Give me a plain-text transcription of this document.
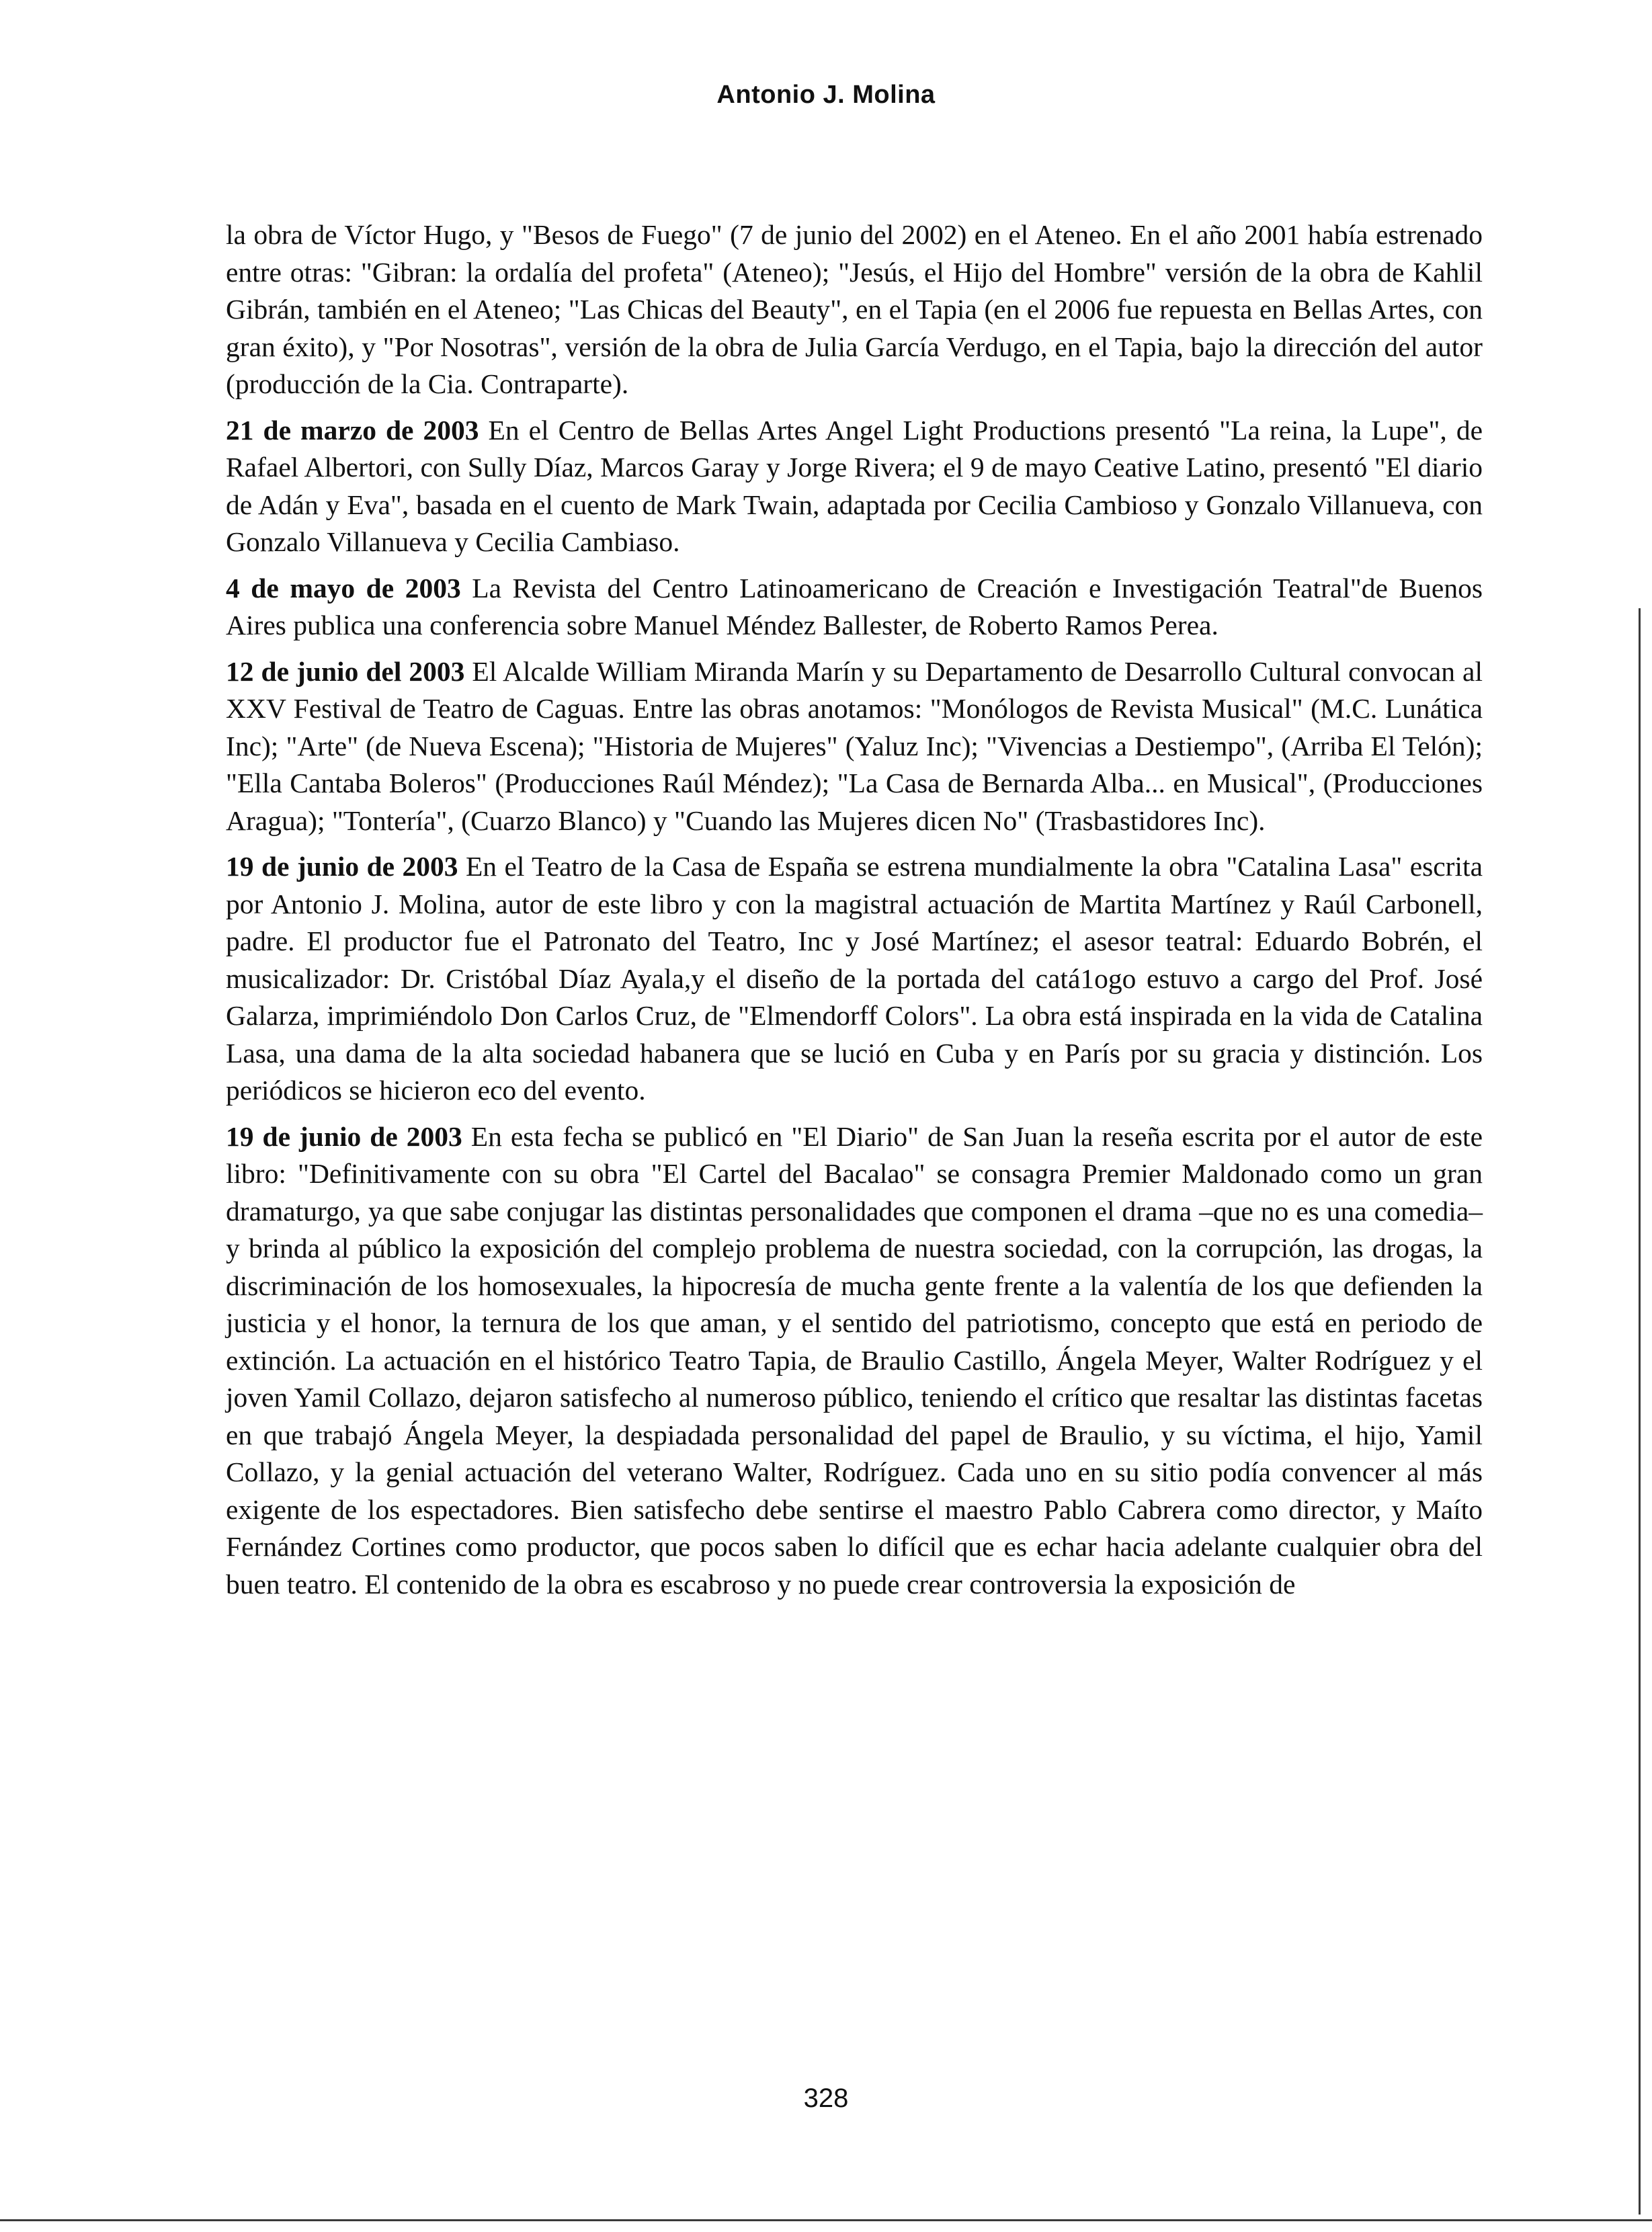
Antonio J. Molina

la obra de Víctor Hugo, y "Besos de Fuego" (7 de junio del 2002) en el Ateneo. En el año 2001 había estrenado entre otras: "Gibran: la ordalía del profeta" (Ateneo); "Jesús, el Hijo del Hombre" versión de la obra de Kahlil Gibrán, también en el Ateneo; "Las Chicas del Beauty", en el Tapia (en el 2006 fue repuesta en Bellas Artes, con gran éxito), y "Por Nosotras", versión de la obra de Julia García Verdugo, en el Tapia, bajo la dirección del autor (producción de la Cia. Contraparte).

21 de marzo de 2003 En el Centro de Bellas Artes Angel Light Productions presentó "La reina, la Lupe", de Rafael Albertori, con Sully Díaz, Marcos Garay y Jorge Rivera; el 9 de mayo Ceative Latino, presentó "El diario de Adán y Eva", basada en el cuento de Mark Twain, adaptada por Cecilia Cambioso y Gonzalo Villanueva, con Gonzalo Villanueva y Cecilia Cambiaso.

4 de mayo de 2003 La Revista del Centro Latinoamericano de Creación e Investigación Teatral"de Buenos Aires publica una conferencia sobre Manuel Méndez Ballester, de Roberto Ramos Perea.

12 de junio del 2003 El Alcalde William Miranda Marín y su Departamento de Desarrollo Cultural convocan al XXV Festival de Teatro de Caguas. Entre las obras anotamos: "Monólogos de Revista Musical" (M.C. Lunática Inc); "Arte" (de Nueva Escena); "Historia de Mujeres" (Yaluz Inc); "Vivencias a Destiempo", (Arriba El Telón); "Ella Cantaba Boleros" (Producciones Raúl Méndez); "La Casa de Bernarda Alba... en Musical", (Producciones Aragua); "Tontería", (Cuarzo Blanco) y "Cuando las Mujeres dicen No" (Trasbastidores Inc).

19 de junio de 2003 En el Teatro de la Casa de España se estrena mundialmente la obra "Catalina Lasa" escrita por Antonio J. Molina, autor de este libro y con la magistral actuación de Martita Martínez y Raúl Carbonell, padre. El productor fue el Patronato del Teatro, Inc y José Martínez; el asesor teatral: Eduardo Bobrén, el musicalizador: Dr. Cristóbal Díaz Ayala,y el diseño de la portada del catá1ogo estuvo a cargo del Prof. José Galarza, imprimiéndolo Don Carlos Cruz, de "Elmendorff Colors". La obra está inspirada en la vida de Catalina Lasa, una dama de la alta sociedad habanera que se lució en Cuba y en París por su gracia y distinción. Los periódicos se hicieron eco del evento.

19 de junio de 2003 En esta fecha se publicó en "El Diario" de San Juan la reseña escrita por el autor de este libro: "Definitivamente con su obra "El Cartel del Bacalao" se consagra Premier Maldonado como un gran dramaturgo, ya que sabe conjugar las distintas personalidades que componen el drama –que no es una comedia– y brinda al público la exposición del complejo problema de nuestra sociedad, con la corrupción, las drogas, la discriminación de los homosexuales, la hipocresía de mucha gente frente a la valentía de los que defienden la justicia y el honor, la ternura de los que aman, y el sentido del patriotismo, concepto que está en periodo de extinción. La actuación en el histórico Teatro Tapia, de Braulio Castillo, Ángela Meyer, Walter Rodríguez y el joven Yamil Collazo, dejaron satisfecho al numeroso público, teniendo el crítico que resaltar las distintas facetas en que trabajó Ángela Meyer, la despiadada personalidad del papel de Braulio, y su víctima, el hijo, Yamil Collazo, y la genial actuación del veterano Walter, Rodríguez. Cada uno en su sitio podía convencer al más exigente de los espectadores. Bien satisfecho debe sentirse el maestro Pablo Cabrera como director, y Maíto Fernández Cortines como productor, que pocos saben lo difícil que es echar hacia adelante cualquier obra del buen teatro. El contenido de la obra es escabroso y no puede crear controversia la exposición de

328
